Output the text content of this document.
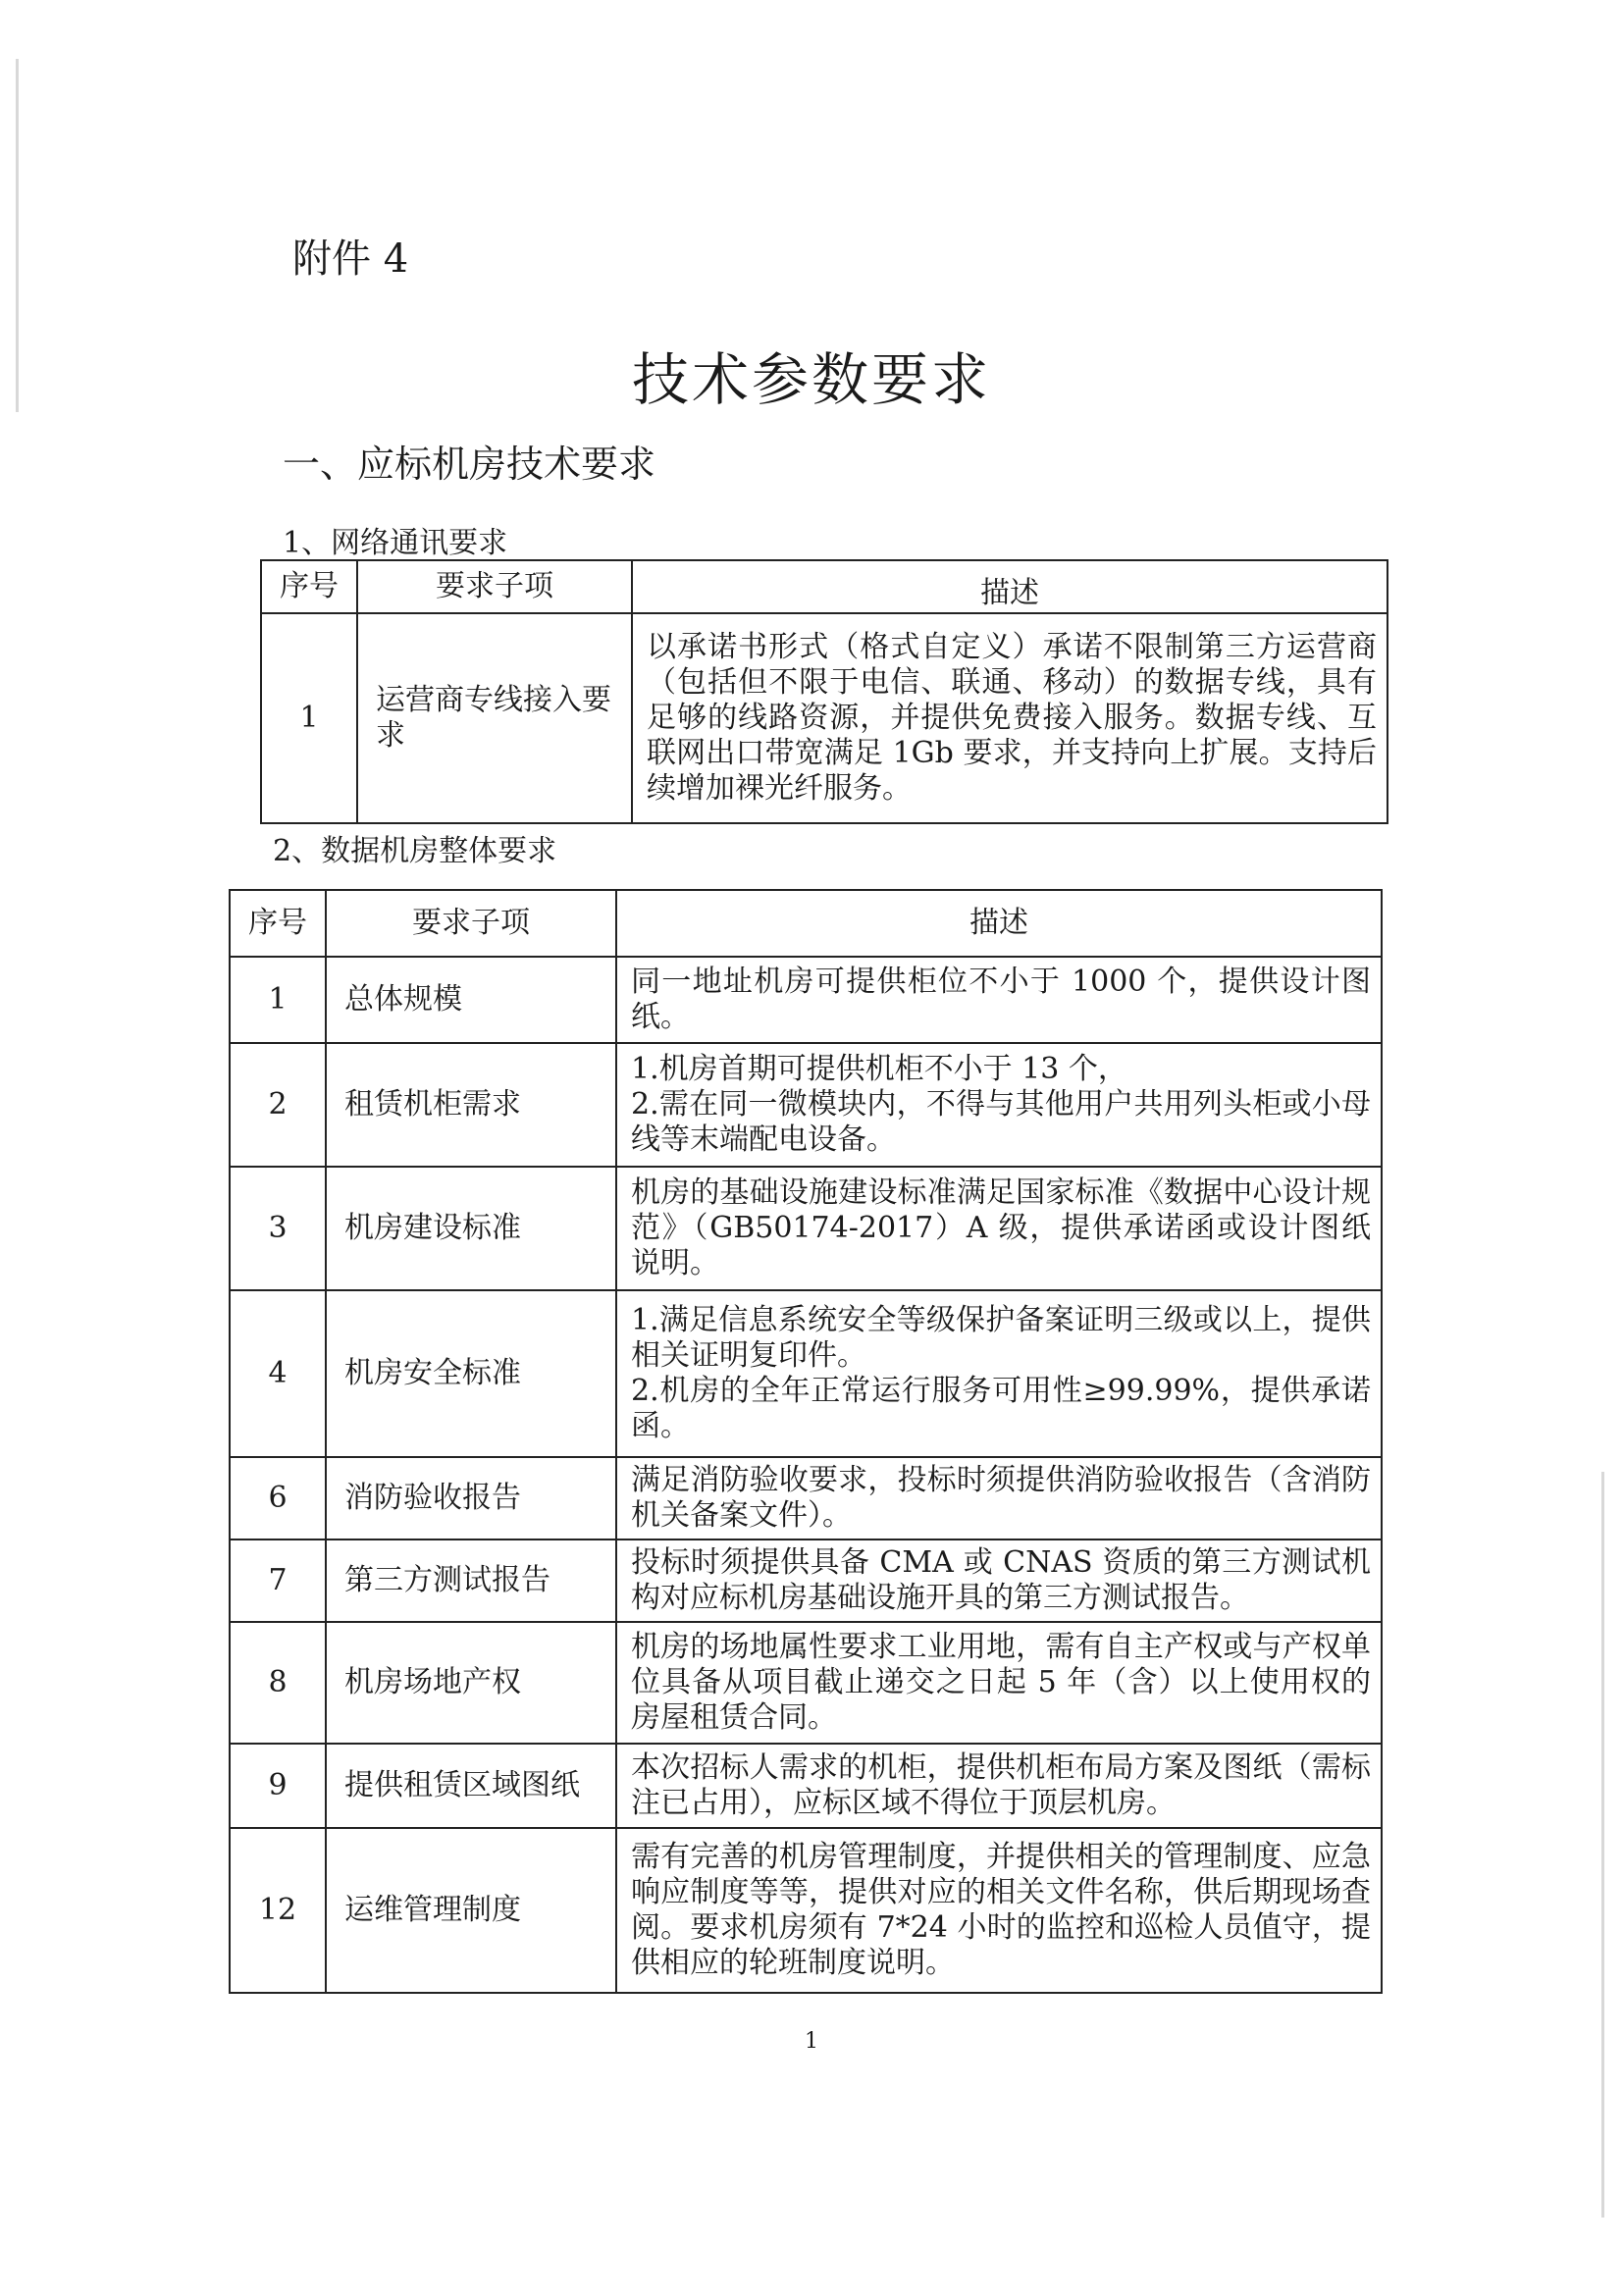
附件 4
技术参数要求
一、应标机房技术要求
1、网络通讯要求
序号	要求子项	描述
1	运营商专线接入要求	以承诺书形式（格式自定义）承诺不限制第三方运营商（包括但不限于电信、联通、移动）的数据专线，具有足够的线路资源，并提供免费接入服务。数据专线、互联网出口带宽满足 1Gb 要求，并支持向上扩展。支持后续增加裸光纤服务。
2、数据机房整体要求
序号	要求子项	描述
1	总体规模	同一地址机房可提供柜位不小于 1000 个，提供设计图纸。
2	租赁机柜需求	1.机房首期可提供机柜不小于 13 个，
2.需在同一微模块内，不得与其他用户共用列头柜或小母线等末端配电设备。
3	机房建设标准	机房的基础设施建设标准满足国家标准《数据中心设计规范》（GB50174-2017）A 级，提供承诺函或设计图纸说明。
4	机房安全标准	1.满足信息系统安全等级保护备案证明三级或以上，提供相关证明复印件。
2.机房的全年正常运行服务可用性≥99.99%，提供承诺函。
6	消防验收报告	满足消防验收要求，投标时须提供消防验收报告（含消防机关备案文件）。
7	第三方测试报告	投标时须提供具备 CMA 或 CNAS 资质的第三方测试机构对应标机房基础设施开具的第三方测试报告。
8	机房场地产权	机房的场地属性要求工业用地，需有自主产权或与产权单位具备从项目截止递交之日起 5 年（含）以上使用权的房屋租赁合同。
9	提供租赁区域图纸	本次招标人需求的机柜，提供机柜布局方案及图纸（需标注已占用），应标区域不得位于顶层机房。
12	运维管理制度	需有完善的机房管理制度，并提供相关的管理制度、应急响应制度等等，提供对应的相关文件名称，供后期现场查阅。要求机房须有 7*24 小时的监控和巡检人员值守，提供相应的轮班制度说明。
1
